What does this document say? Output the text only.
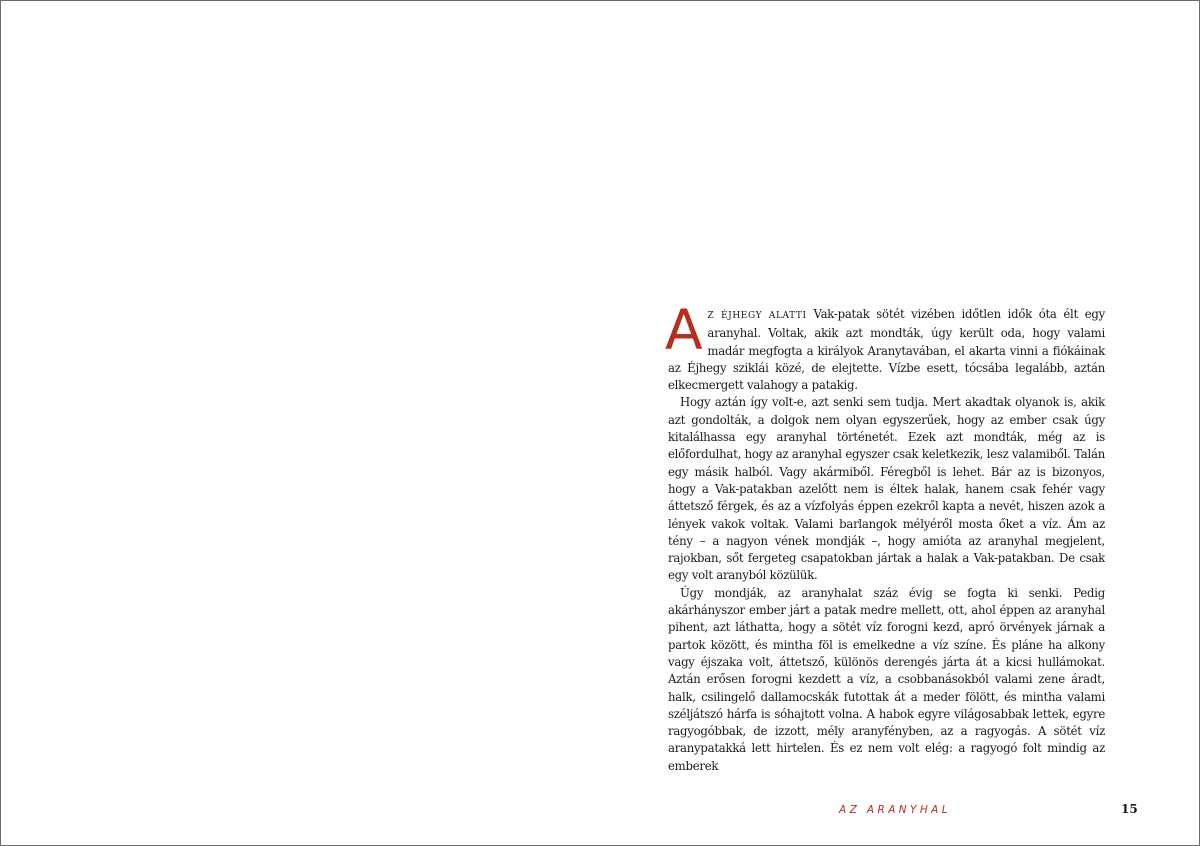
AZ ÉJHEGY ALATTI Vak-patak sötét vizében időtlen idők óta élt egy aranyhal. Voltak, akik azt mondták, úgy került oda, hogy valami madár megfogta a királyok Aranytavában, el akarta vinni a fiókáinak az Éjhegy sziklái közé, de elejtette. Vízbe esett, tócsába legalább, aztán elkecmergett valahogy a patakig.

Hogy aztán így volt-e, azt senki sem tudja. Mert akadtak olyanok is, akik azt gondolták, a dolgok nem olyan egyszerűek, hogy az ember csak úgy kitalálhassa egy aranyhal történetét. Ezek azt mondták, még az is előfordulhat, hogy az aranyhal egyszer csak keletkezik, lesz valamiből. Talán egy másik halból. Vagy akármiből. Féregből is lehet. Bár az is bizonyos, hogy a Vak-patakban azelőtt nem is éltek halak, hanem csak fehér vagy áttetsző férgek, és az a vízfolyás éppen ezekről kapta a nevét, hiszen azok a lények vakok voltak. Valami barlangok mélyéről mosta őket a víz. Ám az tény – a nagyon vének mondják –, hogy amióta az aranyhal megjelent, rajokban, sőt fergeteg csapatokban jártak a halak a Vak-patakban. De csak egy volt aranyból közülük.

Úgy mondják, az aranyhalat száz évig se fogta ki senki. Pedig akárhányszor ember járt a patak medre mellett, ott, ahol éppen az aranyhal pihent, azt láthatta, hogy a sötét víz forogni kezd, apró örvények járnak a partok között, és mintha föl is emelkedne a víz színe. És pláne ha alkony vagy éjszaka volt, áttetsző, különös derengés járta át a kicsi hullámokat. Aztán erősen forogni kezdett a víz, a csobbanásokból valami zene áradt, halk, csilingelő dallamocskák futottak át a meder fölött, és mintha valami széljátszó hárfa is sóhajtott volna. A habok egyre világosabbak lettek, egyre ragyogóbbak, de izzott, mély aranyfényben, az a ragyogás. A sötét víz aranypatakká lett hirtelen. És ez nem volt elég: a ragyogó folt mindig az emberek

AZ ARANYHAL	15
